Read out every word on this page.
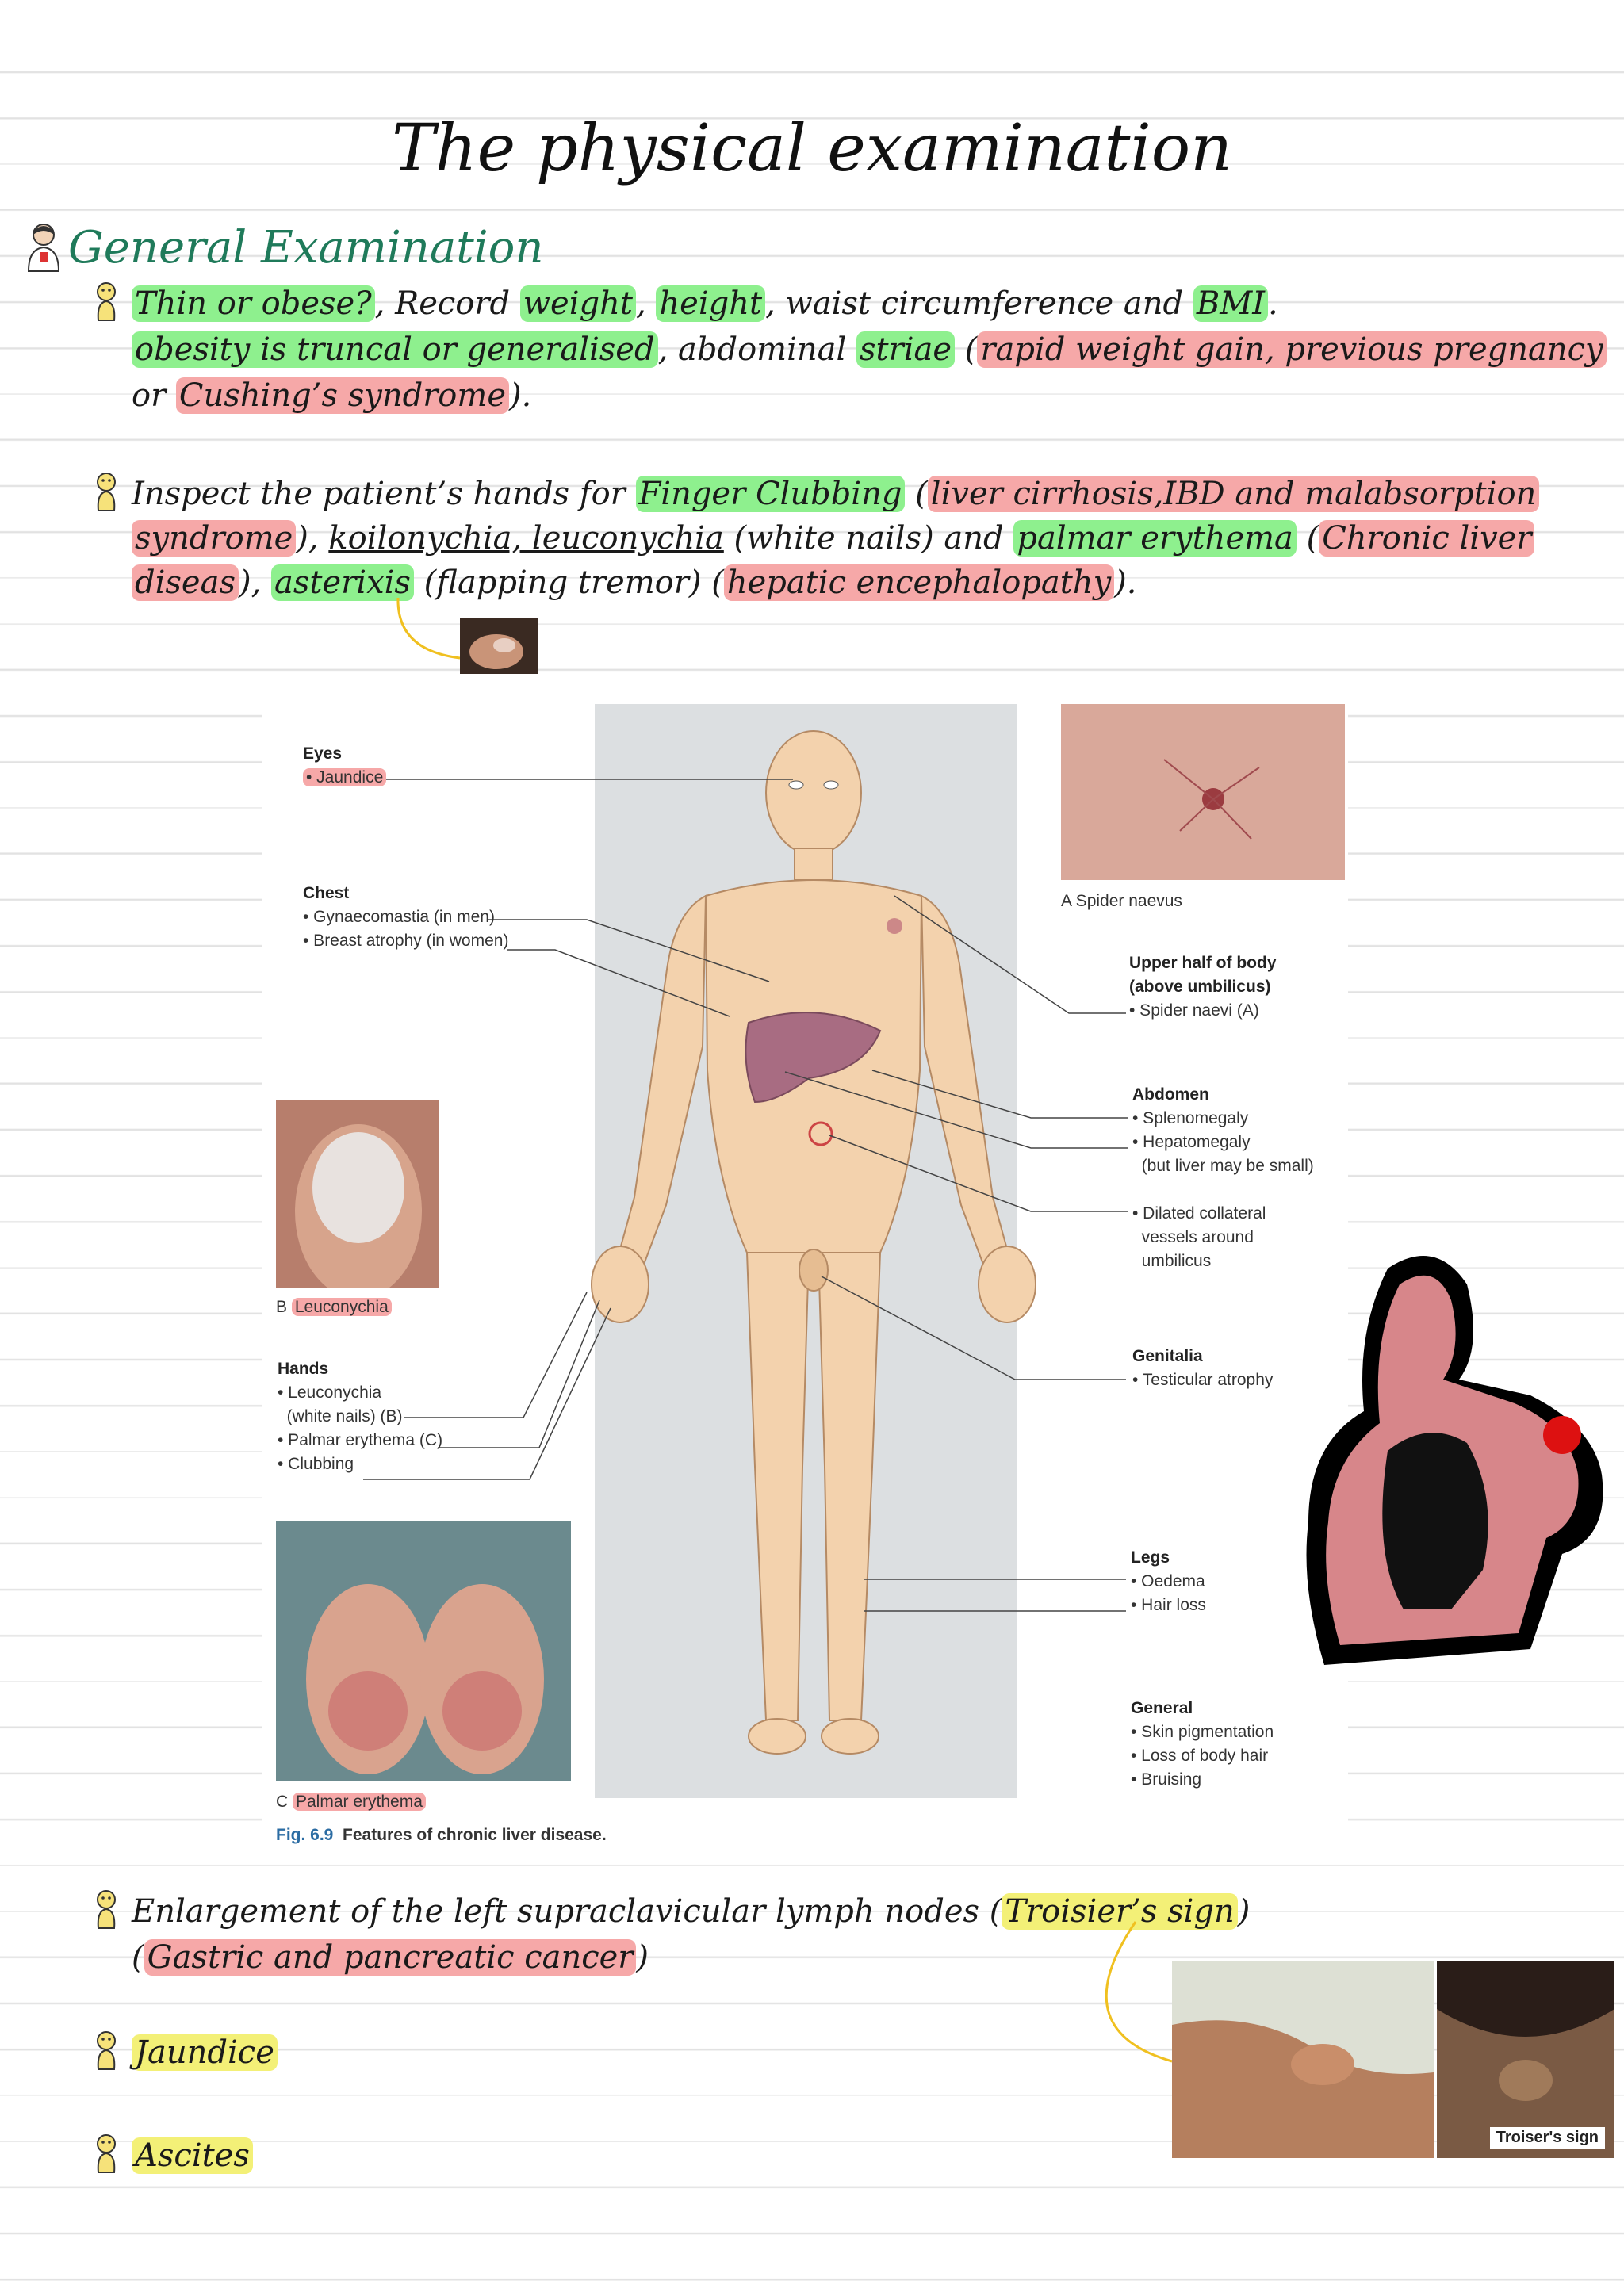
The physical examination
General Examination
Thin or obese? , Record weight , height , waist circumference and BMI .
obesity is truncal or generalised , abdominal striae ( rapid weight gain, previous pregnancy
or Cushing’s syndrome ).
Inspect the patient’s hands for Finger Clubbing ( liver cirrhosis,IBD and malabsorption
syndrome ), koilonychia, leuconychia (white nails) and palmar erythema ( Chronic liver
diseas ), asterixis (flapping tremor) ( hepatic encephalopathy ).
Eyes
• Jaundice
Chest
• Gynaecomastia (in men)
• Breast atrophy (in women)
B Leuconychia
Hands
• Leuconychia
(white nails) (B)
• Palmar erythema (C)
• Clubbing
C Palmar erythema
Fig. 6.9 Features of chronic liver disease.
A Spider naevus
Upper half of body
(above umbilicus)
• Spider naevi (A)
Abdomen
• Splenomegaly
• Hepatomegaly
(but liver may be small)
• Dilated collateral
vessels around
umbilicus
Genitalia
• Testicular atrophy
Legs
• Oedema
• Hair loss
General
• Skin pigmentation
• Loss of body hair
• Bruising
Enlargement of the left supraclavicular lymph nodes ( Troisier’s sign )
( Gastric and pancreatic cancer )
Troiser's sign
Jaundice
Ascites
